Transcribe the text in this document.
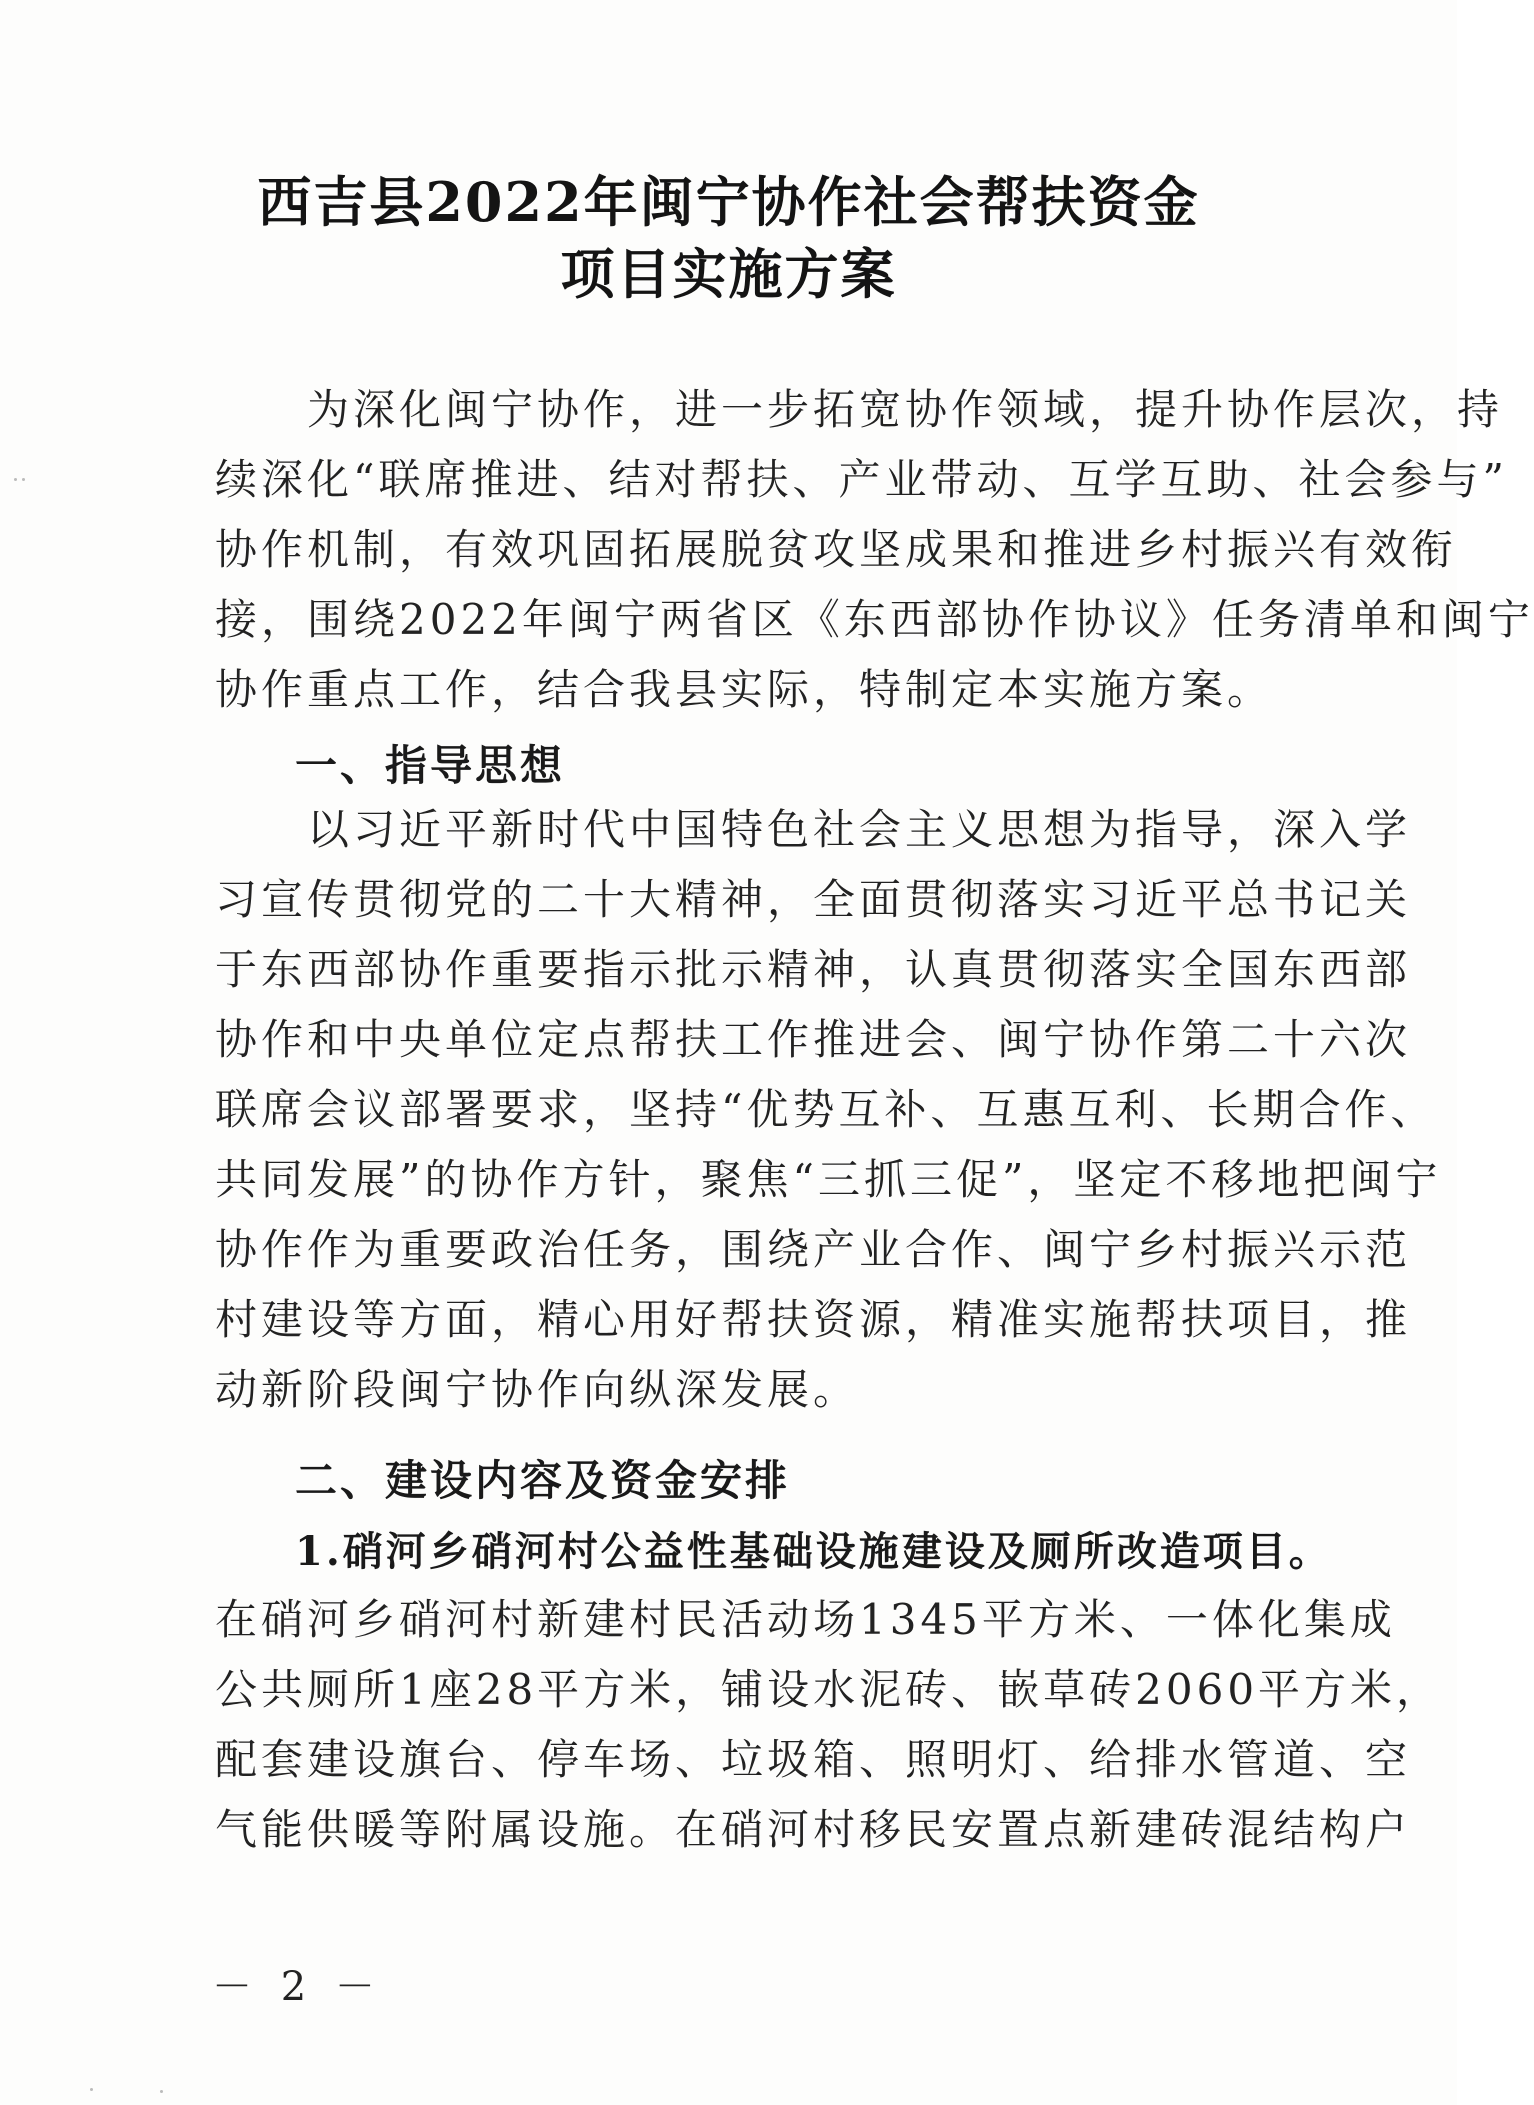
西吉县2022年闽宁协作社会帮扶资金
项目实施方案
　　为深化闽宁协作，进一步拓宽协作领域，提升协作层次，持
续深化“联席推进、结对帮扶、产业带动、互学互助、社会参与”
协作机制，有效巩固拓展脱贫攻坚成果和推进乡村振兴有效衔
接，围绕2022年闽宁两省区《东西部协作协议》任务清单和闽宁
协作重点工作，结合我县实际，特制定本实施方案。
一、指导思想
　　以习近平新时代中国特色社会主义思想为指导，深入学
习宣传贯彻党的二十大精神，全面贯彻落实习近平总书记关
于东西部协作重要指示批示精神，认真贯彻落实全国东西部
协作和中央单位定点帮扶工作推进会、闽宁协作第二十六次
联席会议部署要求，坚持“优势互补、互惠互利、长期合作、
共同发展”的协作方针，聚焦“三抓三促”，坚定不移地把闽宁
协作作为重要政治任务，围绕产业合作、闽宁乡村振兴示范
村建设等方面，精心用好帮扶资源，精准实施帮扶项目，推
动新阶段闽宁协作向纵深发展。
二、建设内容及资金安排
1.硝河乡硝河村公益性基础设施建设及厕所改造项目。
在硝河乡硝河村新建村民活动场1345平方米、一体化集成
公共厕所1座28平方米，铺设水泥砖、嵌草砖2060平方米，
配套建设旗台、停车场、垃圾箱、照明灯、给排水管道、空
气能供暖等附属设施。在硝河村移民安置点新建砖混结构户
－ 2 －
